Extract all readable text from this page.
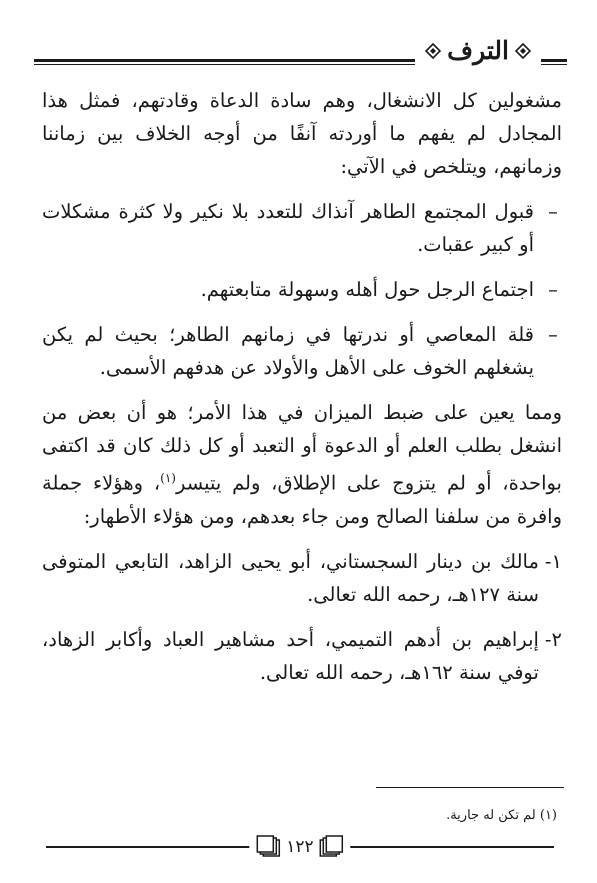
الترف

مشغولين كل الانشغال، وهم سادة الدعاة وقادتهم، فمثل هذا المجادل لم يفهم ما أوردته آنفًا من أوجه الخلاف بين زماننا وزمانهم، ويتلخص في الآتي:

–
قبول المجتمع الطاهر آنذاك للتعدد بلا نكير ولا كثرة مشكلات أو كبير عقبات.
–
اجتماع الرجل حول أهله وسهولة متابعتهم.
–
قلة المعاصي أو ندرتها في زمانهم الطاهر؛ بحيث لم يكن يشغلهم الخوف على الأهل والأولاد عن هدفهم الأسمى.

ومما يعين على ضبط الميزان في هذا الأمر؛ هو أن بعض من انشغل بطلب العلم أو الدعوة أو التعبد أو كل ذلك كان قد اكتفى بواحدة، أو لم يتزوج على الإطلاق، ولم يتيسر$^{(١)}$، وهؤلاء جملة وافرة من سلفنا الصالح ومن جاء بعدهم، ومن هؤلاء الأطهار:

١-
مالك بن دينار السجستاني، أبو يحيى الزاهد، التابعي المتوفى سنة ١٢٧هـ، رحمه الله تعالى.
٢-
إبراهيم بن أدهم التميمي، أحد مشاهير العباد وأكابر الزهاد، توفي سنة ١٦٢هـ، رحمه الله تعالى.
(١) لم تكن له جارية.
١٢٢
